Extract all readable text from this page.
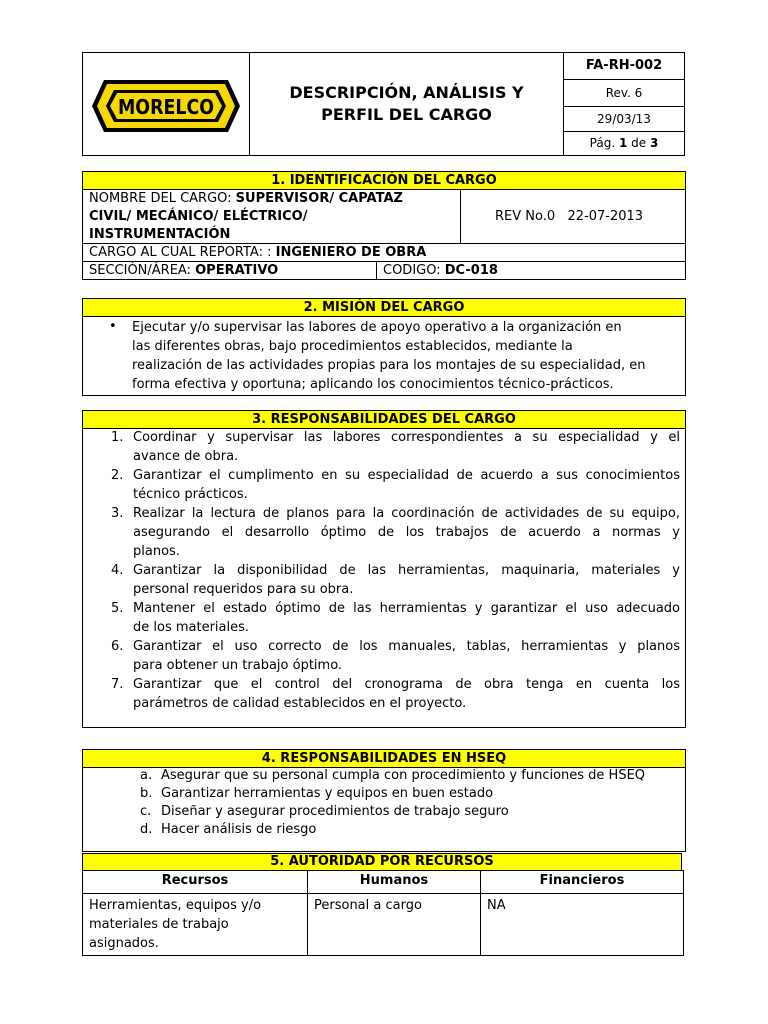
MORELCO
DESCRIPCIÓN, ANÁLISIS Y
PERFIL DEL CARGO
FA-RH-002
Rev. 6
29/03/13
Pág. 1 de 3
1. IDENTIFICACIÓN DEL CARGO
NOMBRE DEL CARGO: SUPERVISOR/ CAPATAZ
CIVIL/ MECÁNICO/ ELÉCTRICO/
INSTRUMENTACIÓN
REV No.0 22-07-2013
CARGO AL CUAL REPORTA: : INGENIERO DE OBRA
SECCIÓN/ÁREA: OPERATIVO	CODIGO: DC-018
2. MISIÓN DEL CARGO
• Ejecutar y/o supervisar las labores de apoyo operativo a la organización en
las diferentes obras, bajo procedimientos establecidos, mediante la
realización de las actividades propias para los montajes de su especialidad, en
forma efectiva y oportuna; aplicando los conocimientos técnico-prácticos.
3. RESPONSABILIDADES DEL CARGO
1. Coordinar y supervisar las labores correspondientes a su especialidad y el
avance de obra.
2. Garantizar el cumplimento en su especialidad de acuerdo a sus conocimientos
técnico prácticos.
3. Realizar la lectura de planos para la coordinación de actividades de su equipo,
asegurando el desarrollo óptimo de los trabajos de acuerdo a normas y
planos.
4. Garantizar la disponibilidad de las herramientas, maquinaria, materiales y
personal requeridos para su obra.
5. Mantener el estado óptimo de las herramientas y garantizar el uso adecuado
de los materiales.
6. Garantizar el uso correcto de los manuales, tablas, herramientas y planos
para obtener un trabajo óptimo.
7. Garantizar que el control del cronograma de obra tenga en cuenta los
parámetros de calidad establecidos en el proyecto.
4. RESPONSABILIDADES EN HSEQ
a. Asegurar que su personal cumpla con procedimiento y funciones de HSEQ
b. Garantizar herramientas y equipos en buen estado
c. Diseñar y asegurar procedimientos de trabajo seguro
d. Hacer análisis de riesgo
5. AUTORIDAD POR RECURSOS
Recursos	Humanos	Financieros
Herramientas, equipos y/o materiales de trabajo asignados.	Personal a cargo	NA
